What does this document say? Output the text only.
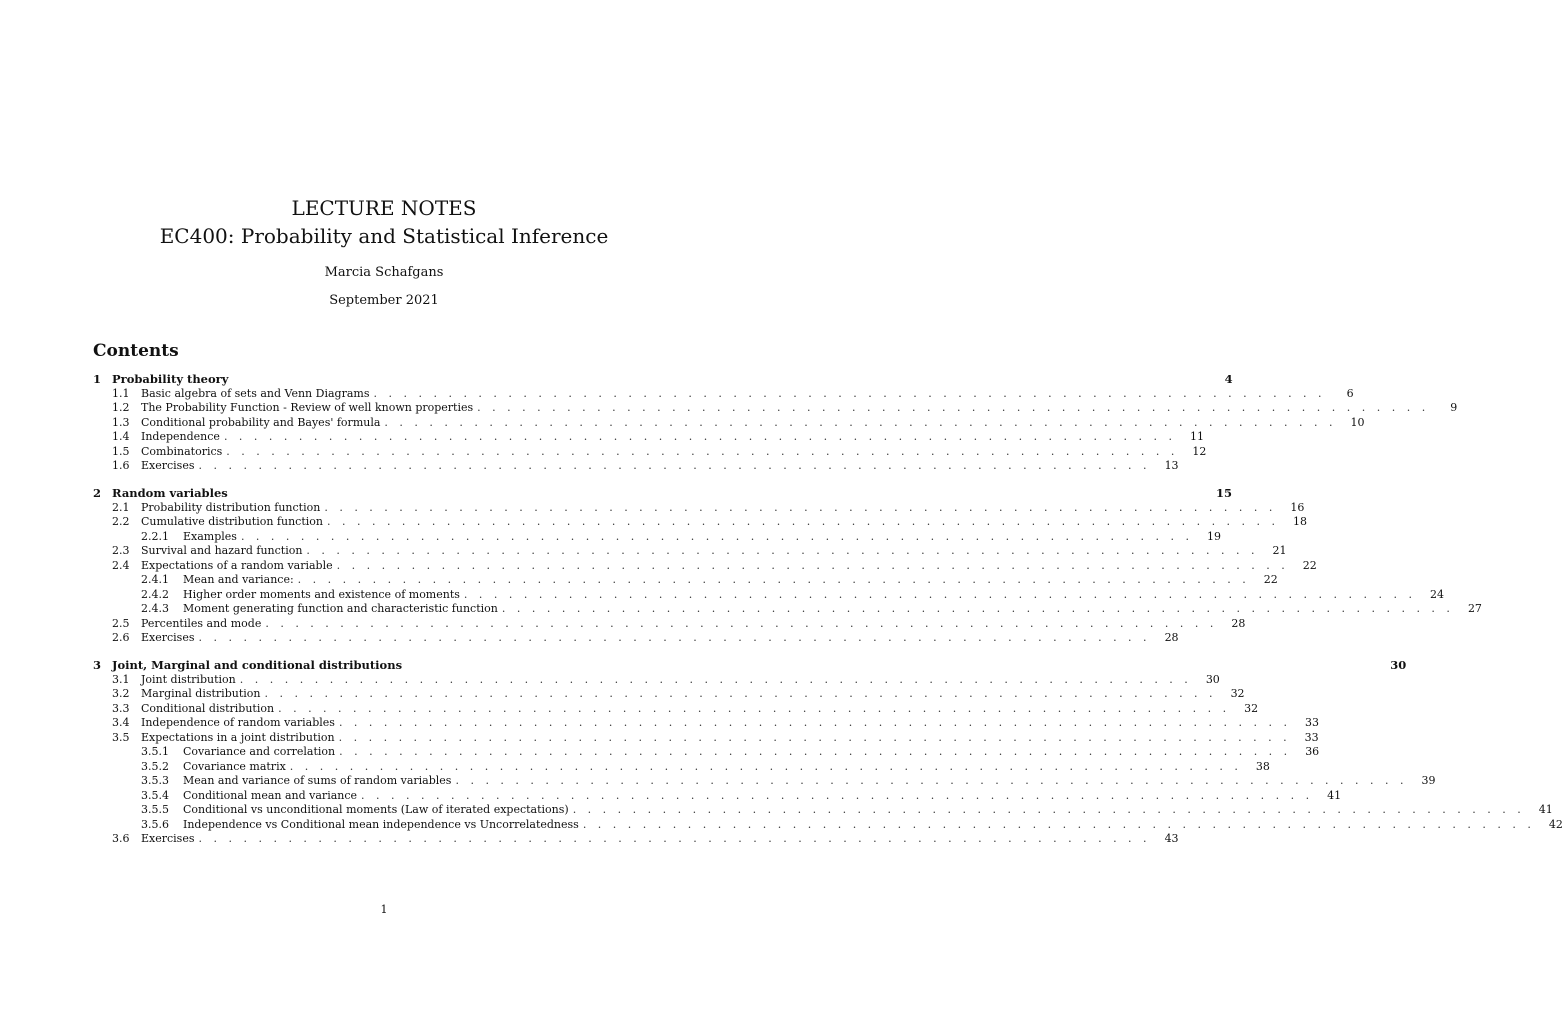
LECTURE NOTES
EC400: Probability and Statistical Inference
Marcia Schafgans
September 2021
Contents
1 Probability theory	4
1.1	Basic algebra of sets and Venn Diagrams . . . . . . . . . . . . . . . . . . . . . . . . . . . . . . . . . . . . . . . . . . . . . . . . . . . . . . . . . . . . . . . .	6
1.2	The Probability Function - Review of well known properties . . . . . . . . . . . . . . . . . . . . . . . . . . . . . . . . . . . . . . . . . . . . . . . . . . . . . . . . . . . . . . . .	9
1.3	Conditional probability and Bayes' formula . . . . . . . . . . . . . . . . . . . . . . . . . . . . . . . . . . . . . . . . . . . . . . . . . . . . . . . . . . . . . . . .	10
1.4	Independence . . . . . . . . . . . . . . . . . . . . . . . . . . . . . . . . . . . . . . . . . . . . . . . . . . . . . . . . . . . . . . . .	11
1.5	Combinatorics . . . . . . . . . . . . . . . . . . . . . . . . . . . . . . . . . . . . . . . . . . . . . . . . . . . . . . . . . . . . . . . .	12
1.6	Exercises . . . . . . . . . . . . . . . . . . . . . . . . . . . . . . . . . . . . . . . . . . . . . . . . . . . . . . . . . . . . . . . .	13
2 Random variables	15
2.1	Probability distribution function . . . . . . . . . . . . . . . . . . . . . . . . . . . . . . . . . . . . . . . . . . . . . . . . . . . . . . . . . . . . . . . .	16
2.2	Cumulative distribution function . . . . . . . . . . . . . . . . . . . . . . . . . . . . . . . . . . . . . . . . . . . . . . . . . . . . . . . . . . . . . . . .	18
2.2.1	Examples . . . . . . . . . . . . . . . . . . . . . . . . . . . . . . . . . . . . . . . . . . . . . . . . . . . . . . . . . . . . . . . .	19
2.3	Survival and hazard function . . . . . . . . . . . . . . . . . . . . . . . . . . . . . . . . . . . . . . . . . . . . . . . . . . . . . . . . . . . . . . . .	21
2.4	Expectations of a random variable . . . . . . . . . . . . . . . . . . . . . . . . . . . . . . . . . . . . . . . . . . . . . . . . . . . . . . . . . . . . . . . .	22
2.4.1	Mean and variance: . . . . . . . . . . . . . . . . . . . . . . . . . . . . . . . . . . . . . . . . . . . . . . . . . . . . . . . . . . . . . . . .	22
2.4.2	Higher order moments and existence of moments . . . . . . . . . . . . . . . . . . . . . . . . . . . . . . . . . . . . . . . . . . . . . . . . . . . . . . . . . . . . . . . .	24
2.4.3	Moment generating function and characteristic function . . . . . . . . . . . . . . . . . . . . . . . . . . . . . . . . . . . . . . . . . . . . . . . . . . . . . . . . . . . . . . . .	27
2.5	Percentiles and mode . . . . . . . . . . . . . . . . . . . . . . . . . . . . . . . . . . . . . . . . . . . . . . . . . . . . . . . . . . . . . . . .	28
2.6	Exercises . . . . . . . . . . . . . . . . . . . . . . . . . . . . . . . . . . . . . . . . . . . . . . . . . . . . . . . . . . . . . . . .	28
3 Joint, Marginal and conditional distributions	30
3.1	Joint distribution . . . . . . . . . . . . . . . . . . . . . . . . . . . . . . . . . . . . . . . . . . . . . . . . . . . . . . . . . . . . . . . .	30
3.2	Marginal distribution . . . . . . . . . . . . . . . . . . . . . . . . . . . . . . . . . . . . . . . . . . . . . . . . . . . . . . . . . . . . . . . .	32
3.3	Conditional distribution . . . . . . . . . . . . . . . . . . . . . . . . . . . . . . . . . . . . . . . . . . . . . . . . . . . . . . . . . . . . . . . .	32
3.4	Independence of random variables . . . . . . . . . . . . . . . . . . . . . . . . . . . . . . . . . . . . . . . . . . . . . . . . . . . . . . . . . . . . . . . .	33
3.5	Expectations in a joint distribution . . . . . . . . . . . . . . . . . . . . . . . . . . . . . . . . . . . . . . . . . . . . . . . . . . . . . . . . . . . . . . . .	33
3.5.1	Covariance and correlation . . . . . . . . . . . . . . . . . . . . . . . . . . . . . . . . . . . . . . . . . . . . . . . . . . . . . . . . . . . . . . . .	36
3.5.2	Covariance matrix . . . . . . . . . . . . . . . . . . . . . . . . . . . . . . . . . . . . . . . . . . . . . . . . . . . . . . . . . . . . . . . .	38
3.5.3	Mean and variance of sums of random variables . . . . . . . . . . . . . . . . . . . . . . . . . . . . . . . . . . . . . . . . . . . . . . . . . . . . . . . . . . . . . . . .	39
3.5.4	Conditional mean and variance . . . . . . . . . . . . . . . . . . . . . . . . . . . . . . . . . . . . . . . . . . . . . . . . . . . . . . . . . . . . . . . .	41
3.5.5	Conditional vs unconditional moments (Law of iterated expectations) . . . . . . . . . . . . . . . . . . . . . . . . . . . . . . . . . . . . . . . . . . . . . . . . . . . . . . . . . . . . . . . .	41
3.5.6	Independence vs Conditional mean independence vs Uncorrelatedness . . . . . . . . . . . . . . . . . . . . . . . . . . . . . . . . . . . . . . . . . . . . . . . . . . . . . . . . . . . . . . . .	42
3.6	Exercises . . . . . . . . . . . . . . . . . . . . . . . . . . . . . . . . . . . . . . . . . . . . . . . . . . . . . . . . . . . . . . . .	43
1
